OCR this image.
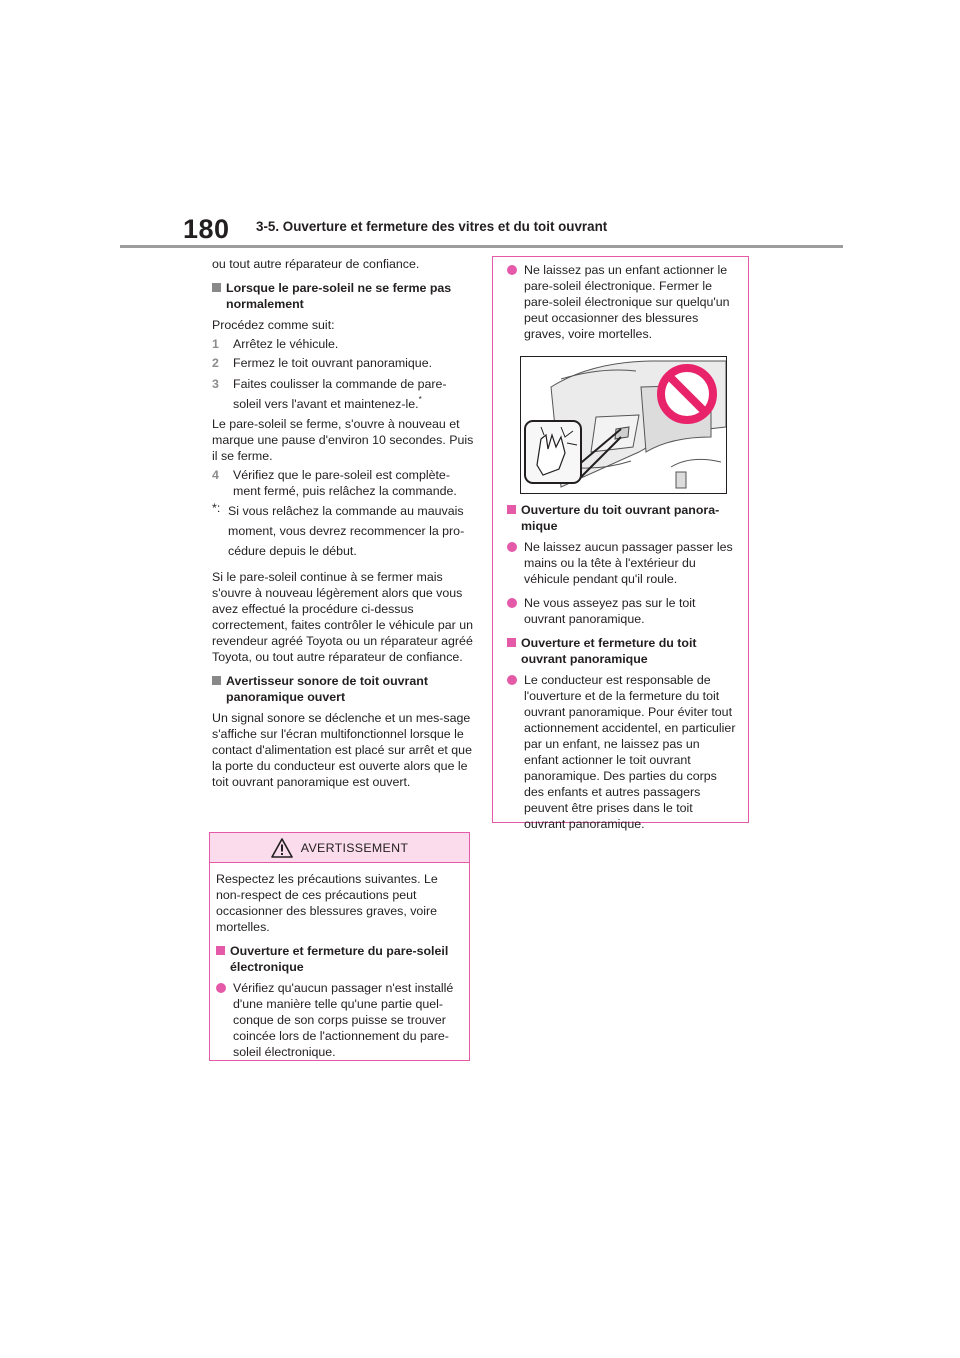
180 3-5. Ouverture et fermeture des vitres et du toit ouvrant

ou tout autre réparateur de confiance.

Lorsque le pare-soleil ne se ferme pas normalement

Procédez comme suit:

1 Arrêtez le véhicule.
2 Fermez le toit ouvrant panoramique.
3 Faites coulisser la commande de pare-soleil vers l'avant et maintenez-le.*

Le pare-soleil se ferme, s'ouvre à nouveau et marque une pause d'environ 10 secondes. Puis il se ferme.

4 Vérifiez que le pare-soleil est complète-ment fermé, puis relâchez la commande.
*: Si vous relâchez la commande au mauvais moment, vous devrez recommencer la pro-cédure depuis le début.

Si le pare-soleil continue à se fermer mais s'ouvre à nouveau légèrement alors que vous avez effectué la procédure ci-dessus correctement, faites contrôler le véhicule par un revendeur agréé Toyota ou un réparateur agréé Toyota, ou tout autre réparateur de confiance.

Avertisseur sonore de toit ouvrant panoramique ouvert

Un signal sonore se déclenche et un mes-sage s'affiche sur l'écran multifonctionnel lorsque le contact d'alimentation est placé sur arrêt et que la porte du conducteur est ouverte alors que le toit ouvrant panoramique est ouvert.

AVERTISSEMENT

Respectez les précautions suivantes. Le non-respect de ces précautions peut occasionner des blessures graves, voire mortelles.

Ouverture et fermeture du pare-soleil électronique
Vérifiez qu'aucun passager n'est installé d'une manière telle qu'une partie quel-conque de son corps puisse se trouver coincée lors de l'actionnement du pare-soleil électronique.
Ne laissez pas un enfant actionner le pare-soleil électronique. Fermer le pare-soleil électronique sur quelqu'un peut occasionner des blessures graves, voire mortelles.
Ouverture du toit ouvrant panora-mique
Ne laissez aucun passager passer les mains ou la tête à l'extérieur du véhicule pendant qu'il roule.
Ne vous asseyez pas sur le toit ouvrant panoramique.
Ouverture et fermeture du toit ouvrant panoramique
Le conducteur est responsable de l'ouverture et de la fermeture du toit ouvrant panoramique. Pour éviter tout actionnement accidentel, en particulier par un enfant, ne laissez pas un enfant actionner le toit ouvrant panoramique. Des parties du corps des enfants et autres passagers peuvent être prises dans le toit ouvrant panoramique.
